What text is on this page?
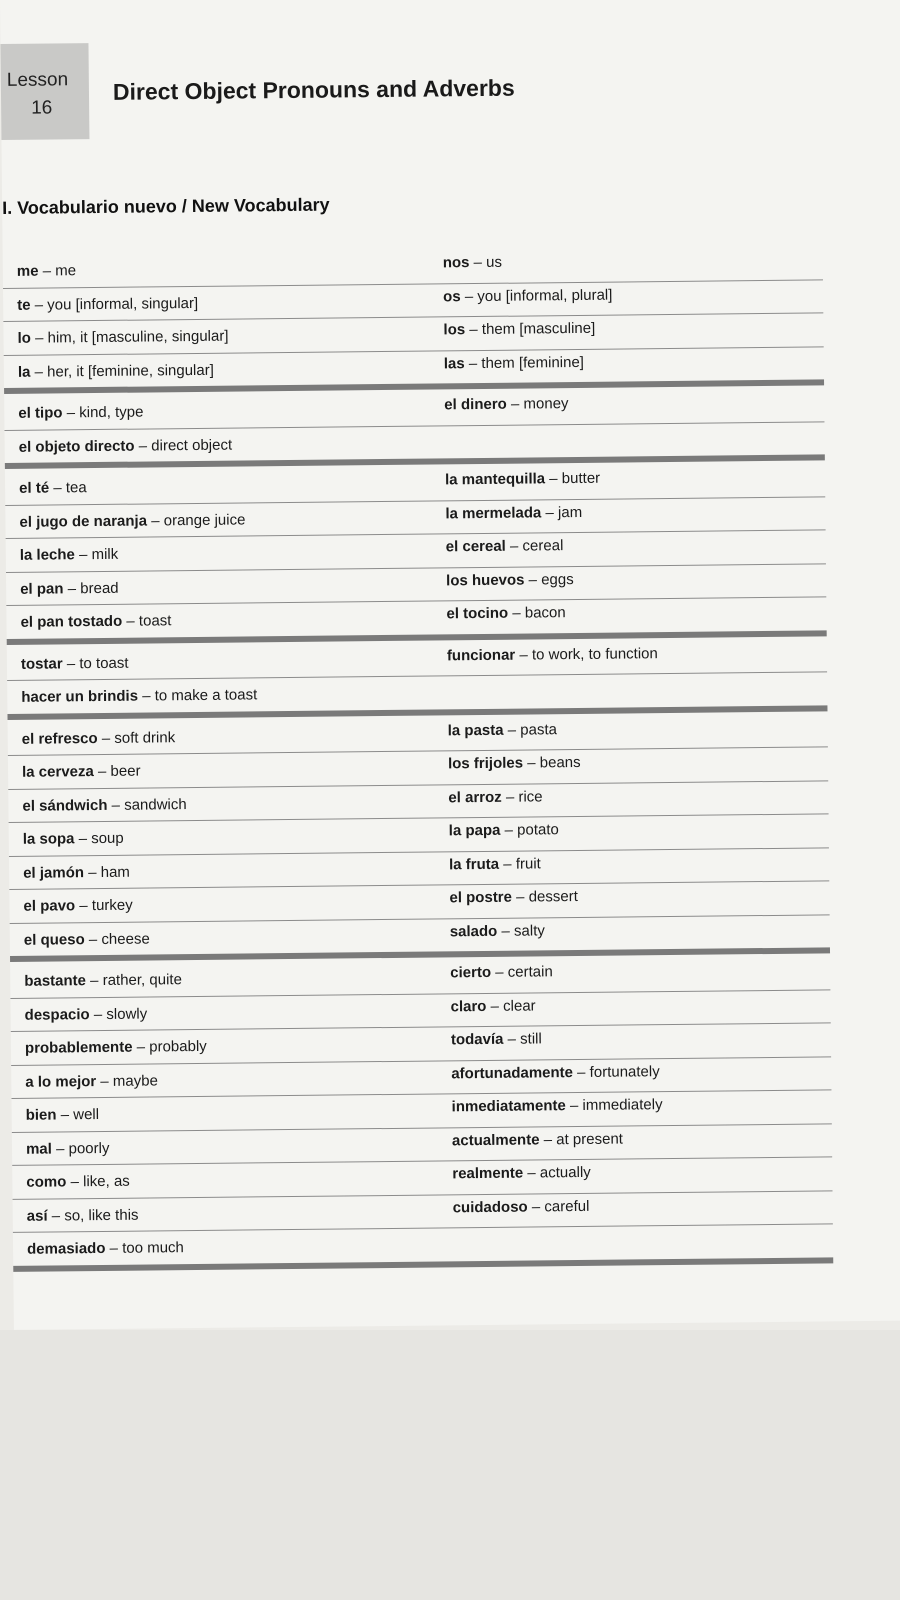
Lesson
16
Direct Object Pronouns and Adverbs
I. Vocabulario nuevo / New Vocabulary
me – me	nos – us
te – you [informal, singular]	os – you [informal, plural]
lo – him, it [masculine, singular]	los – them [masculine]
la – her, it [feminine, singular]	las – them [feminine]
el tipo – kind, type	el dinero – money
el objeto directo – direct object
el té – tea	la mantequilla – butter
el jugo de naranja – orange juice	la mermelada – jam
la leche – milk	el cereal – cereal
el pan – bread	los huevos – eggs
el pan tostado – toast	el tocino – bacon
tostar – to toast	funcionar – to work, to function
hacer un brindis – to make a toast
el refresco – soft drink	la pasta – pasta
la cerveza – beer	los frijoles – beans
el sándwich – sandwich	el arroz – rice
la sopa – soup	la papa – potato
el jamón – ham	la fruta – fruit
el pavo – turkey	el postre – dessert
el queso – cheese	salado – salty
bastante – rather, quite	cierto – certain
despacio – slowly	claro – clear
probablemente – probably	todavía – still
a lo mejor – maybe	afortunadamente – fortunately
bien – well	inmediatamente – immediately
mal – poorly	actualmente – at present
como – like, as	realmente – actually
así – so, like this	cuidadoso – careful
demasiado – too much
